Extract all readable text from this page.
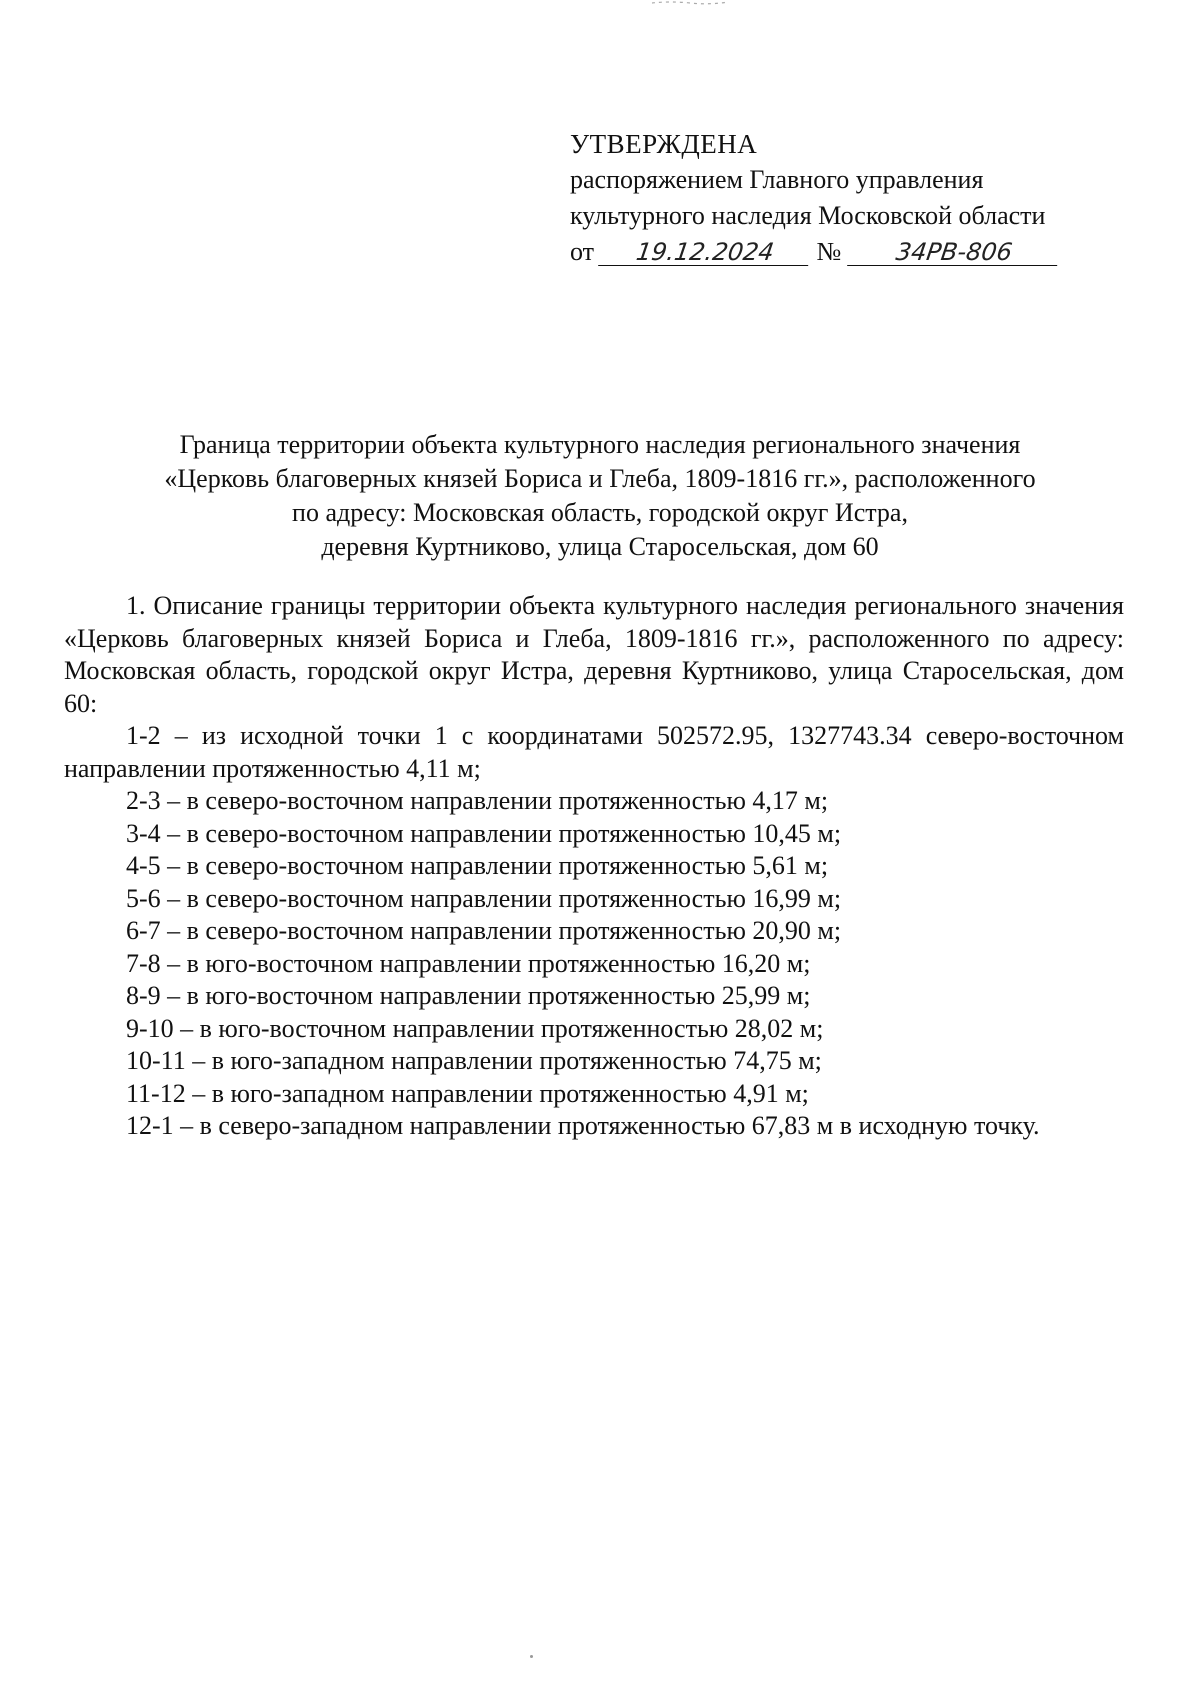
УТВЕРЖДЕНА
распоряжением Главного управления
культурного наследия Московской области
от 19.12.2024 № 34РВ-806
Граница территории объекта культурного наследия регионального значения
«Церковь благоверных князей Бориса и Глеба, 1809-1816 гг.», расположенного
по адресу: Московская область, городской округ Истра,
деревня Куртниково, улица Старосельская, дом 60

1. Описание границы территории объекта культурного наследия регионального значения «Церковь благоверных князей Бориса и Глеба, 1809-1816 гг.», расположенного по адресу: Московская область, городской округ Истра, деревня Куртниково, улица Старосельская, дом 60:

1-2 – из исходной точки 1 с координатами 502572.95, 1327743.34 северо-восточном направлении протяженностью 4,11 м;

2-3 – в северо-восточном направлении протяженностью 4,17 м;

3-4 – в северо-восточном направлении протяженностью 10,45 м;

4-5 – в северо-восточном направлении протяженностью 5,61 м;

5-6 – в северо-восточном направлении протяженностью 16,99 м;

6-7 – в северо-восточном направлении протяженностью 20,90 м;

7-8 – в юго-восточном направлении протяженностью 16,20 м;

8-9 – в юго-восточном направлении протяженностью 25,99 м;

9-10 – в юго-восточном направлении протяженностью 28,02 м;

10-11 – в юго-западном направлении протяженностью 74,75 м;

11-12 – в юго-западном направлении протяженностью 4,91 м;

12-1 – в северо-западном направлении протяженностью 67,83 м в исходную точку.
